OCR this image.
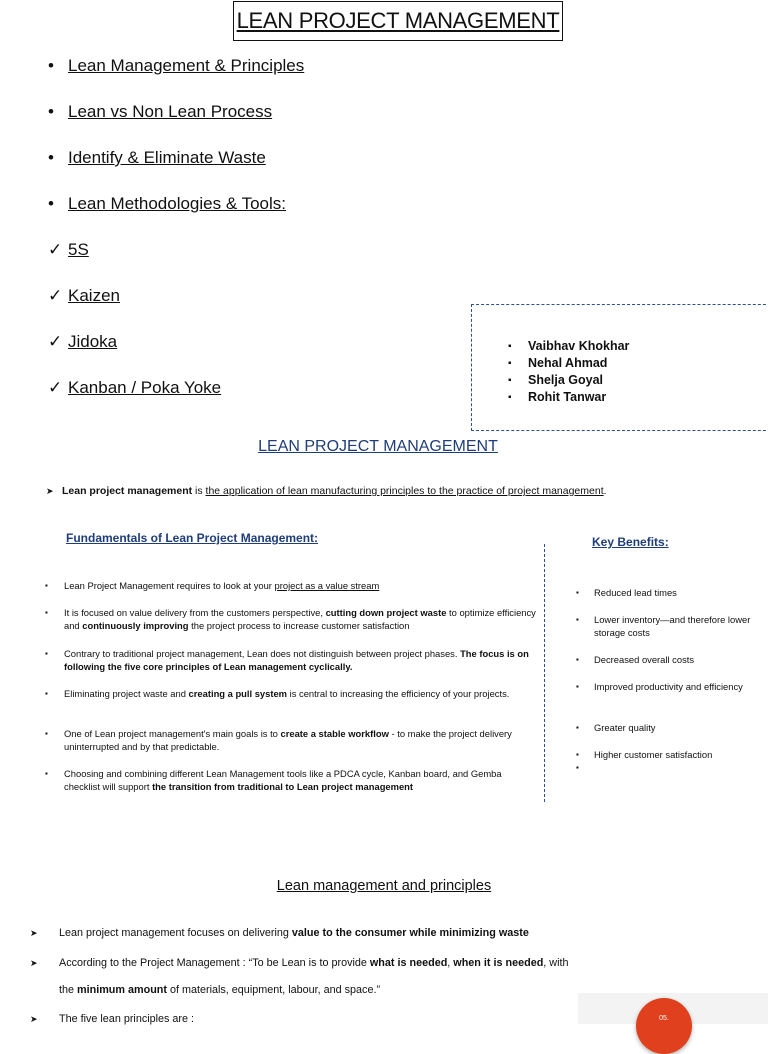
LEAN PROJECT MANAGEMENT
• Lean Management & Principles
• Lean vs Non Lean Process
• Identify & Eliminate Waste
• Lean Methodologies & Tools:
✓ 5S
✓ Kaizen
✓ Jidoka
✓ Kanban / Poka Yoke
▪ Vaibhav Khokhar
▪ Nehal Ahmad
▪ Shelja Goyal
▪ Rohit Tanwar
LEAN PROJECT MANAGEMENT
➤ Lean project management is the application of lean manufacturing principles to the practice of project management.
Fundamentals of Lean Project Management:
▪ Lean Project Management requires to look at your project as a value stream
▪ It is focused on value delivery from the customers perspective, cutting down project waste to optimize efficiency and continuously improving the project process to increase customer satisfaction
▪ Contrary to traditional project management, Lean does not distinguish between project phases. The focus is on following the five core principles of Lean management cyclically.
▪ Eliminating project waste and creating a pull system is central to increasing the efficiency of your projects.
▪ One of Lean project management's main goals is to create a stable workflow - to make the project delivery uninterrupted and by that predictable.
▪ Choosing and combining different Lean Management tools like a PDCA cycle, Kanban board, and Gemba checklist will support the transition from traditional to Lean project management
Key Benefits:
▪ Reduced lead times
▪ Lower inventory—and therefore lower storage costs
▪ Decreased overall costs
▪ Improved productivity and efficiency
▪ Greater quality
▪ Higher customer satisfaction
Lean management and principles
➤	Lean project management focuses on delivering value to the consumer while minimizing waste
➤	According to the Project Management : “To be Lean is to provide what is needed, when it is needed, with the minimum amount of materials, equipment, labour, and space.”
➤	The five lean principles are :	05.
